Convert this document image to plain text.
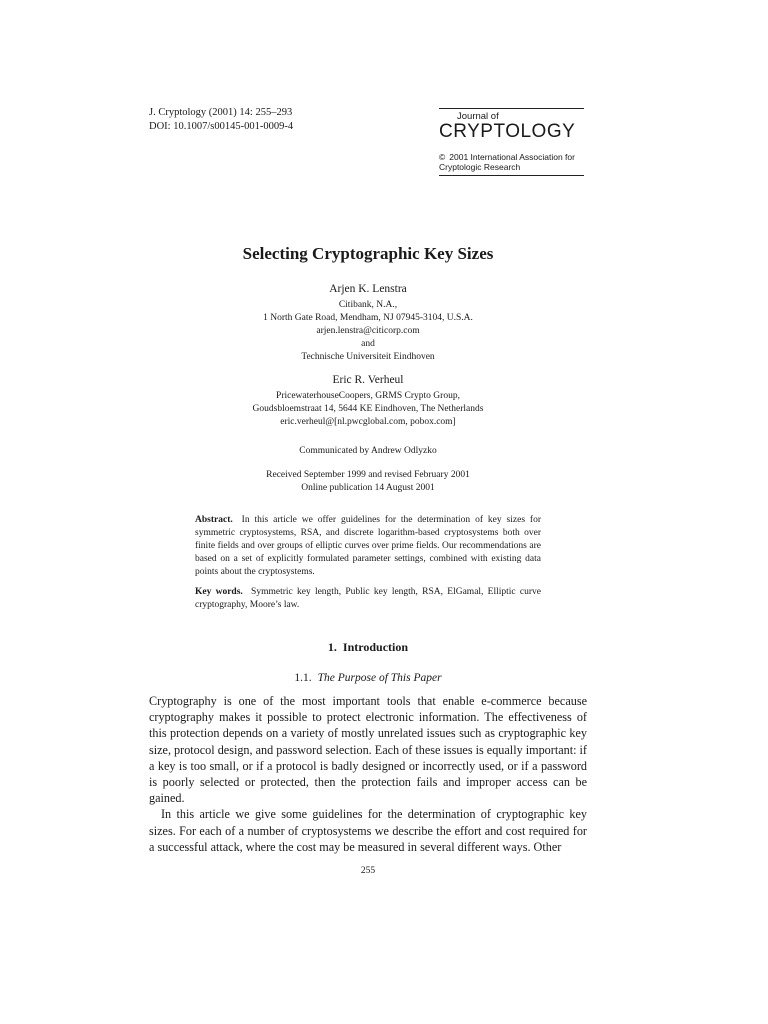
J. Cryptology (2001) 14: 255–293
DOI: 10.1007/s00145-001-0009-4
Journal of
CRYPTOLOGY
© 2001 International Association for
Cryptologic Research
Selecting Cryptographic Key Sizes
Arjen K. Lenstra
Citibank, N.A.,
1 North Gate Road, Mendham, NJ 07945-3104, U.S.A.
arjen.lenstra@citicorp.com
and
Technische Universiteit Eindhoven
Eric R. Verheul
PricewaterhouseCoopers, GRMS Crypto Group,
Goudsbloemstraat 14, 5644 KE Eindhoven, The Netherlands
eric.verheul@[nl.pwcglobal.com, pobox.com]
Communicated by Andrew Odlyzko
Received September 1999 and revised February 2001
Online publication 14 August 2001
Abstract. In this article we offer guidelines for the determination of key sizes for symmetric cryptosystems, RSA, and discrete logarithm-based cryptosystems both over finite fields and over groups of elliptic curves over prime fields. Our recommendations are based on a set of explicitly formulated parameter settings, combined with existing data points about the cryptosystems.
Key words. Symmetric key length, Public key length, RSA, ElGamal, Elliptic curve cryptography, Moore’s law.
1. Introduction
1.1. The Purpose of This Paper

Cryptography is one of the most important tools that enable e-commerce because cryptography makes it possible to protect electronic information. The effectiveness of this protection depends on a variety of mostly unrelated issues such as cryptographic key size, protocol design, and password selection. Each of these issues is equally important: if a key is too small, or if a protocol is badly designed or incorrectly used, or if a password is poorly selected or protected, then the protection fails and improper access can be gained.

In this article we give some guidelines for the determination of cryptographic key sizes. For each of a number of cryptosystems we describe the effort and cost required for a successful attack, where the cost may be measured in several different ways. Other

255
